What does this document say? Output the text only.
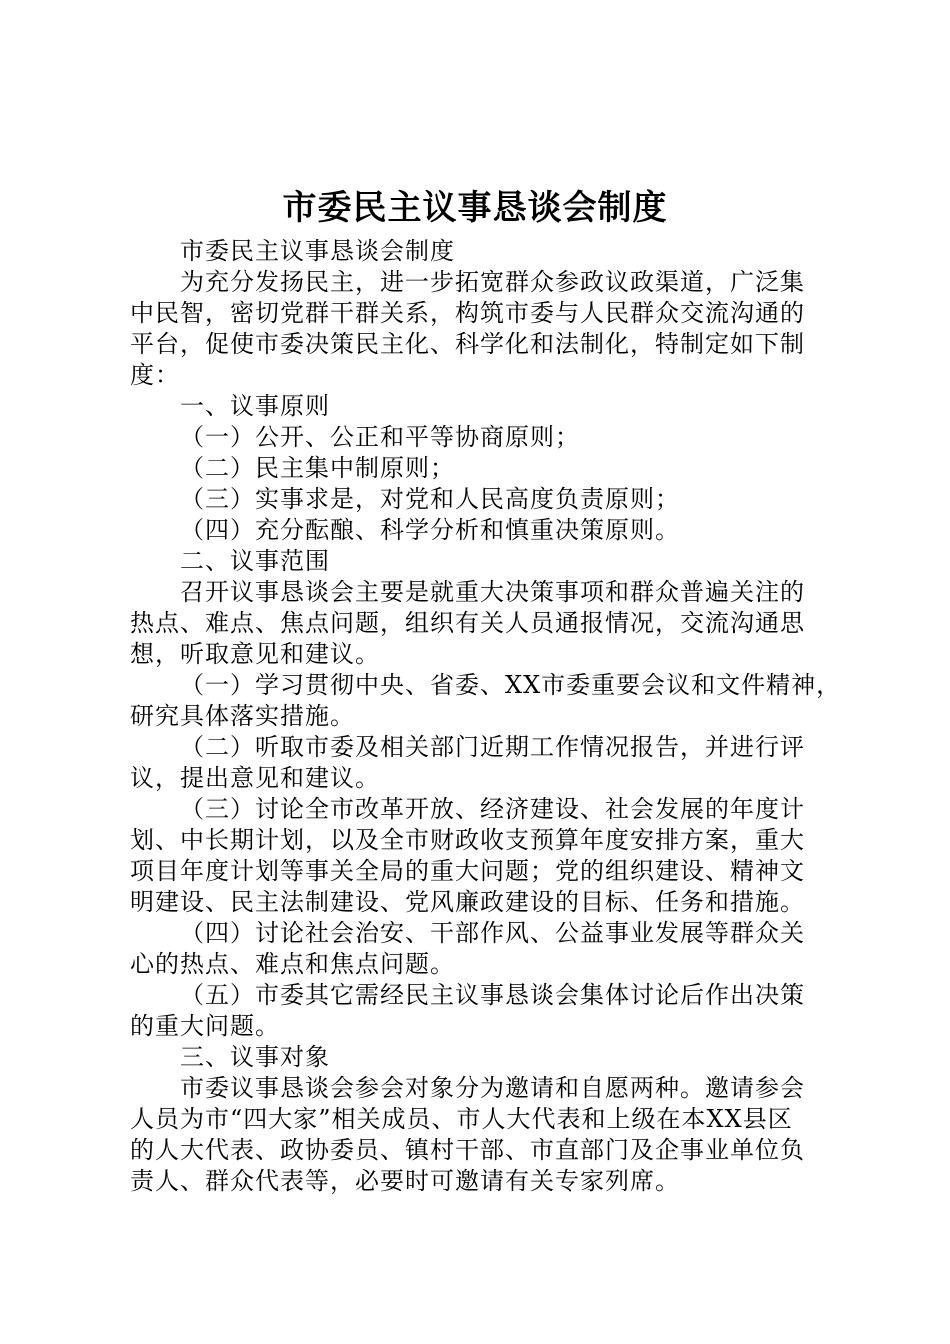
市委民主议事恳谈会制度
市委民主议事恳谈会制度
为充分发扬民主，进一步拓宽群众参政议政渠道，广泛集
中民智，密切党群干群关系，构筑市委与人民群众交流沟通的
平台，促使市委决策民主化、科学化和法制化，特制定如下制
度：
一、议事原则
（一）公开、公正和平等协商原则；
（二）民主集中制原则；
（三）实事求是，对党和人民高度负责原则；
（四）充分酝酿、科学分析和慎重决策原则。
二、议事范围
召开议事恳谈会主要是就重大决策事项和群众普遍关注的
热点、难点、焦点问题，组织有关人员通报情况，交流沟通思
想，听取意见和建议。
（一）学习贯彻中央、省委、XX市委重要会议和文件精神，
研究具体落实措施。
（二）听取市委及相关部门近期工作情况报告，并进行评
议，提出意见和建议。
（三）讨论全市改革开放、经济建设、社会发展的年度计
划、中长期计划，以及全市财政收支预算年度安排方案，重大
项目年度计划等事关全局的重大问题；党的组织建设、精神文
明建设、民主法制建设、党风廉政建设的目标、任务和措施。
（四）讨论社会治安、干部作风、公益事业发展等群众关
心的热点、难点和焦点问题。
（五）市委其它需经民主议事恳谈会集体讨论后作出决策
的重大问题。
三、议事对象
市委议事恳谈会参会对象分为邀请和自愿两种。邀请参会
人员为市“四大家”相关成员、市人大代表和上级在本XX县区
的人大代表、政协委员、镇村干部、市直部门及企事业单位负
责人、群众代表等，必要时可邀请有关专家列席。
